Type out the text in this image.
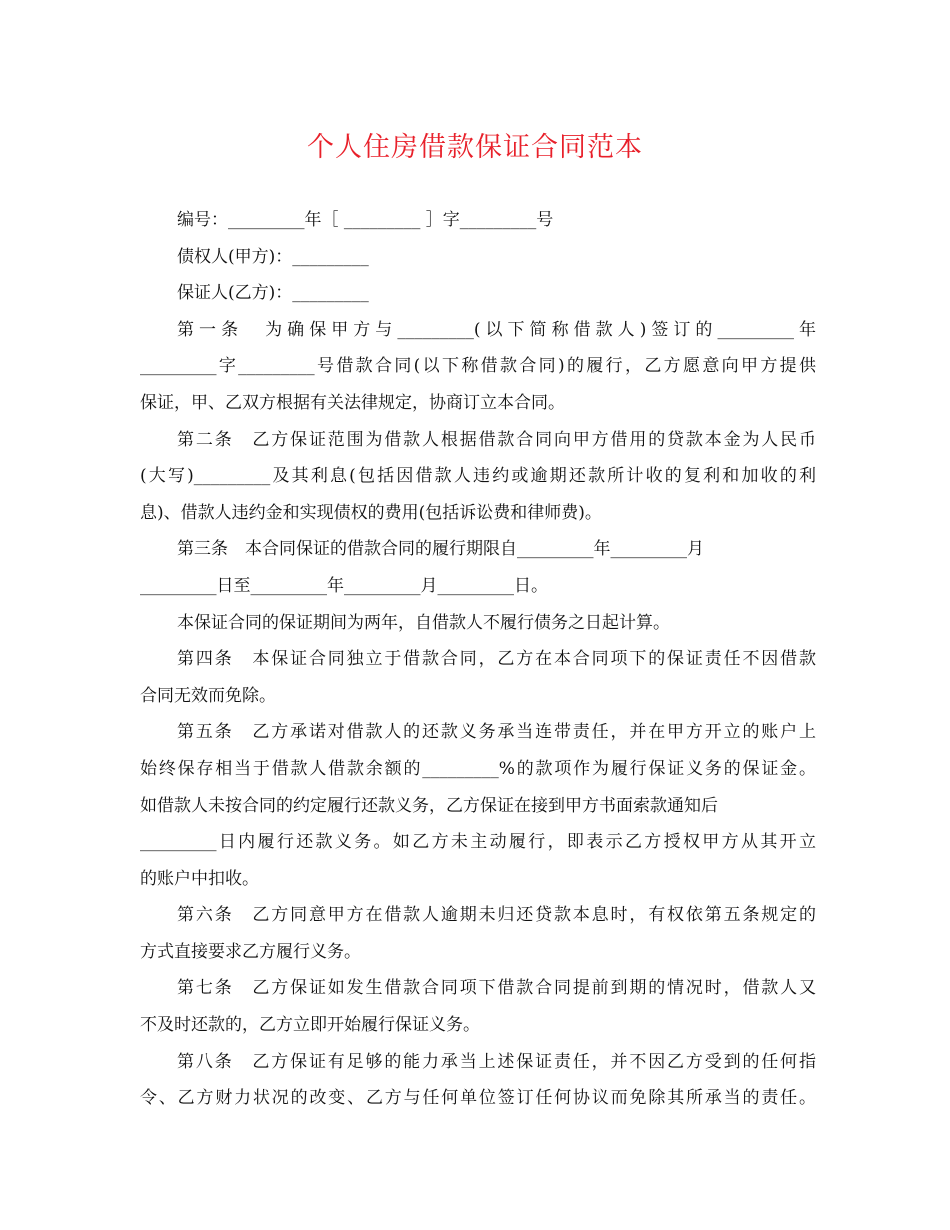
个人住房借款保证合同范本
编号：_________年［ _________ ］字_________号
债权人(甲方)：_________
保证人(乙方)：_________
第一条　为确保甲方与_________(以下简称借款人)签订的_________年
_________字_________号借款合同(以下称借款合同)的履行，乙方愿意向甲方提供
保证，甲、乙双方根据有关法律规定，协商订立本合同。
第二条　乙方保证范围为借款人根据借款合同向甲方借用的贷款本金为人民币
(大写)_________及其利息(包括因借款人违约或逾期还款所计收的复利和加收的利
息)、借款人违约金和实现债权的费用(包括诉讼费和律师费)。
第三条　本合同保证的借款合同的履行期限自_________年_________月
_________日至_________年_________月_________日。
本保证合同的保证期间为两年，自借款人不履行债务之日起计算。
第四条　本保证合同独立于借款合同，乙方在本合同项下的保证责任不因借款
合同无效而免除。
第五条　乙方承诺对借款人的还款义务承当连带责任，并在甲方开立的账户上
始终保存相当于借款人借款余额的_________%的款项作为履行保证义务的保证金。
如借款人未按合同的约定履行还款义务，乙方保证在接到甲方书面索款通知后
_________日内履行还款义务。如乙方未主动履行，即表示乙方授权甲方从其开立
的账户中扣收。
第六条　乙方同意甲方在借款人逾期未归还贷款本息时，有权依第五条规定的
方式直接要求乙方履行义务。
第七条　乙方保证如发生借款合同项下借款合同提前到期的情况时，借款人又
不及时还款的，乙方立即开始履行保证义务。
第八条　乙方保证有足够的能力承当上述保证责任，并不因乙方受到的任何指
令、乙方财力状况的改变、乙方与任何单位签订任何协议而免除其所承当的责任。
